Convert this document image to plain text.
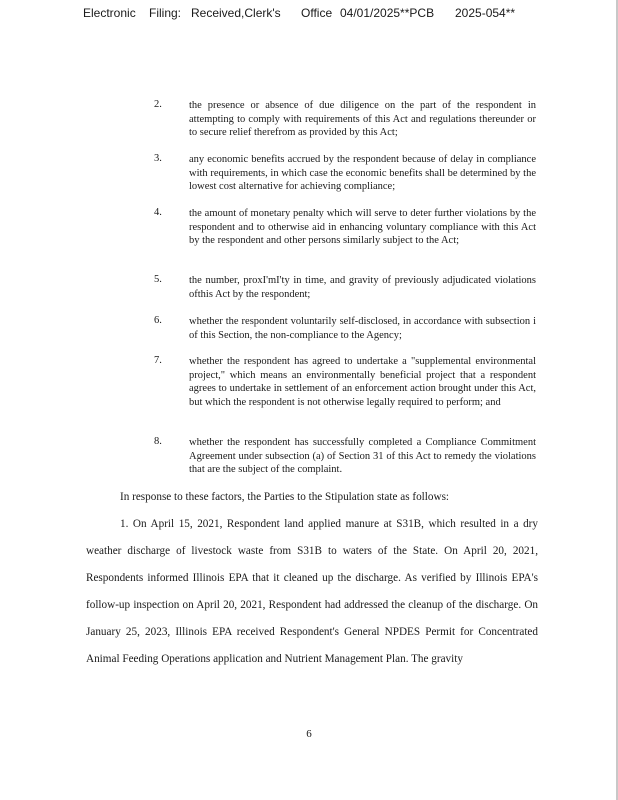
Electronic Filing: Received,Clerk's Office 04/01/2025**PCB 2025-054**
2.	the presence or absence of due diligence on the part of the respondent in attempting to comply with requirements of this Act and regulations thereunder or to secure relief therefrom as provided by this Act;
3.	any economic benefits accrued by the respondent because of delay in compliance with requirements, in which case the economic benefits shall be determined by the lowest cost alternative for achieving compliance;
4.	the amount of monetary penalty which will serve to deter further violations by the respondent and to otherwise aid in enhancing voluntary compliance with this Act by the respondent and other persons similarly subject to the Act;
5.	the number, proxI'mI'ty in time, and gravity of previously adjudicated violations ofthis Act by the respondent;
6.	whether the respondent voluntarily self-disclosed, in accordance with subsection i of this Section, the non-compliance to the Agency;
7.	whether the respondent has agreed to undertake a "supplemental environmental project," which means an environmentally beneficial project that a respondent agrees to undertake in settlement of an enforcement action brought under this Act, but which the respondent is not otherwise legally required to perform; and
8.	whether the respondent has successfully completed a Compliance Commitment Agreement under subsection (a) of Section 31 of this Act to remedy the violations that are the subject of the complaint.
In response to these factors, the Parties to the Stipulation state as follows:
1. On April 15, 2021, Respondent land applied manure at S31B, which resulted in a dry weather discharge of livestock waste from S31B to waters of the State. On April 20, 2021, Respondents informed Illinois EPA that it cleaned up the discharge. As verified by Illinois EPA's follow-up inspection on April 20, 2021, Respondent had addressed the cleanup of the discharge. On January 25, 2023, Illinois EPA received Respondent's General NPDES Permit for Concentrated Animal Feeding Operations application and Nutrient Management Plan. The gravity
6
